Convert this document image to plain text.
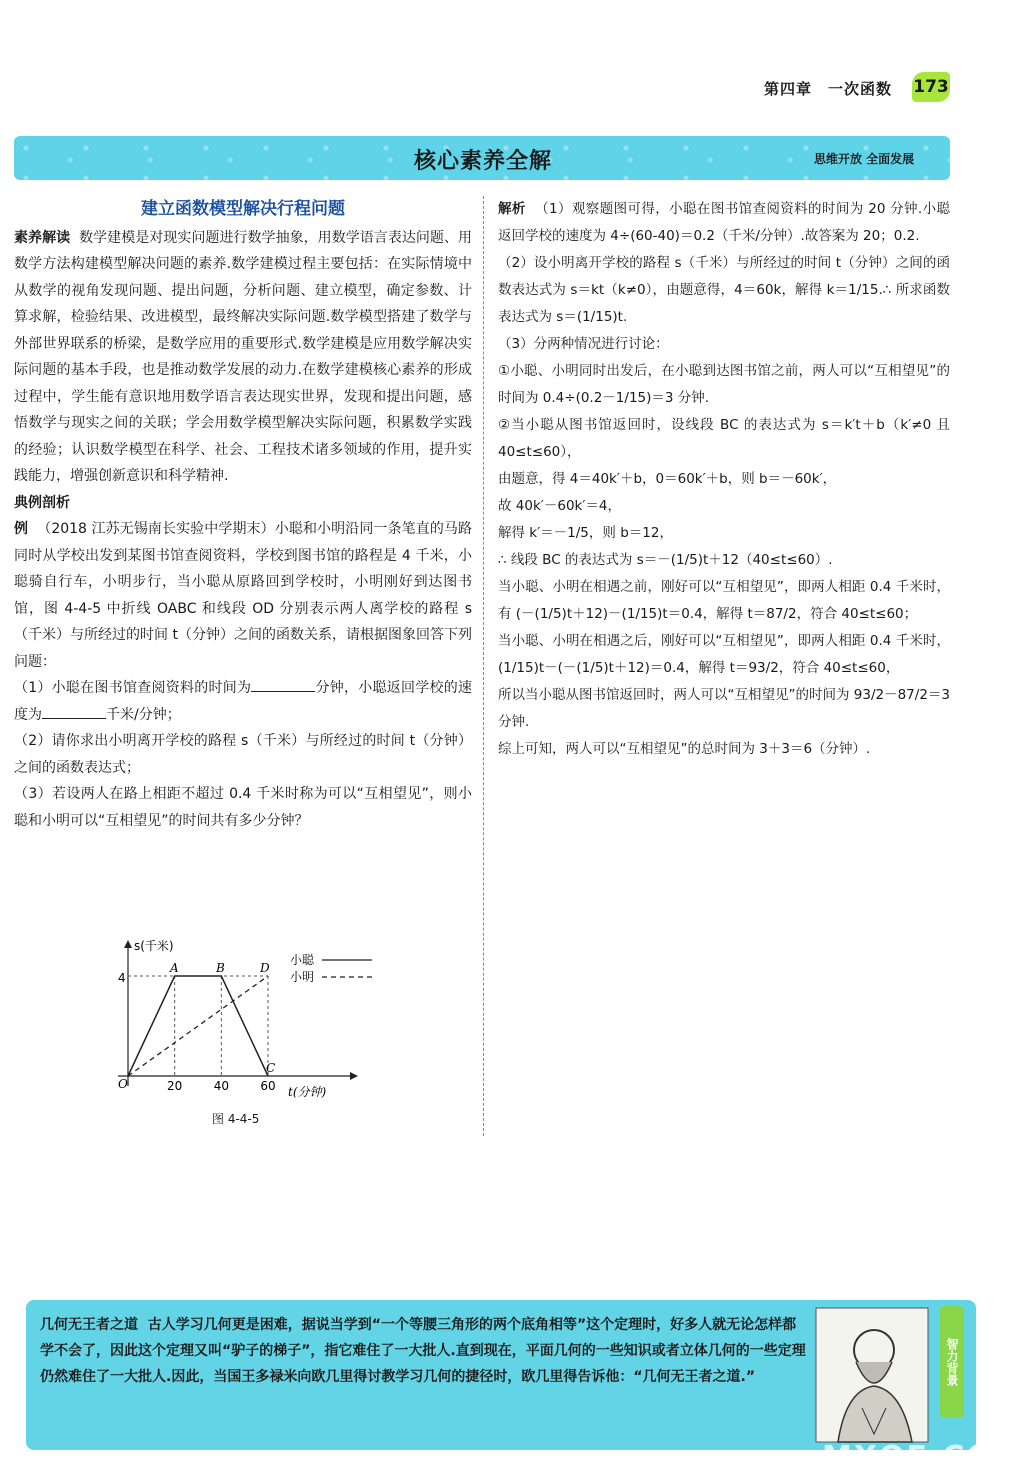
第四章　一次函数 173
核心素养全解	思维开放 全面发展
建立函数模型解决行程问题

素养解读 数学建模是对现实问题进行数学抽象，用数学语言表达问题、用数学方法构建模型解决问题的素养.数学建模过程主要包括：在实际情境中从数学的视角发现问题、提出问题，分析问题、建立模型，确定参数、计算求解，检验结果、改进模型，最终解决实际问题.数学模型搭建了数学与外部世界联系的桥梁，是数学应用的重要形式.数学建模是应用数学解决实际问题的基本手段，也是推动数学发展的动力.在数学建模核心素养的形成过程中，学生能有意识地用数学语言表达现实世界，发现和提出问题，感悟数学与现实之间的关联；学会用数学模型解决实际问题，积累数学实践的经验；认识数学模型在科学、社会、工程技术诸多领域的作用，提升实践能力，增强创新意识和科学精神.

典例剖析

例 （2018 江苏无锡南长实验中学期末）小聪和小明沿同一条笔直的马路同时从学校出发到某图书馆查阅资料，学校到图书馆的路程是 4 千米，小聪骑自行车，小明步行，当小聪从原路回到学校时，小明刚好到达图书馆，图 4-4-5 中折线 OABC 和线段 OD 分别表示两人离学校的路程 s（千米）与所经过的时间 t（分钟）之间的函数关系，请根据图象回答下列问题：

（1）小聪在图书馆查阅资料的时间为	分钟，小聪返回学校的速度为	千米/分钟；

（2）请你求出小明离开学校的路程 s（千米）与所经过的时间 t（分钟）之间的函数表达式；

（3）若设两人在路上相距不超过 0.4 千米时称为可以“互相望见”，则小聪和小明可以“互相望见”的时间共有多少分钟？

s(千米)
t(分钟)
O
4
20	40	60
A	B	D
C
小聪
小明
图 4-4-5

解析 （1）观察题图可得，小聪在图书馆查阅资料的时间为 20 分钟.小聪返回学校的速度为 4÷(60-40)＝0.2（千米/分钟）.故答案为 20；0.2.

（2）设小明离开学校的路程 s（千米）与所经过的时间 t（分钟）之间的函数表达式为 s＝kt（k≠0），由题意得，4＝60k，解得 k＝1/15.∴ 所求函数表达式为 s＝(1/15)t.

（3）分两种情况进行讨论：

①小聪、小明同时出发后，在小聪到达图书馆之前，两人可以“互相望见”的时间为 0.4÷(0.2－1/15)＝3 分钟.

②当小聪从图书馆返回时，设线段 BC 的表达式为 s＝k′t＋b（k′≠0 且 40≤t≤60），

由题意，得 4＝40k′＋b，0＝60k′＋b，则 b＝－60k′，

故 40k′－60k′＝4，

解得 k′＝－1/5，则 b＝12，

∴ 线段 BC 的表达式为 s＝－(1/5)t＋12（40≤t≤60）.

当小聪、小明在相遇之前，刚好可以“互相望见”，即两人相距 0.4 千米时，有 (－(1/5)t＋12)－(1/15)t＝0.4，解得 t＝87/2，符合 40≤t≤60；

当小聪、小明在相遇之后，刚好可以“互相望见”，即两人相距 0.4 千米时，(1/15)t－(－(1/5)t＋12)＝0.4，解得 t＝93/2，符合 40≤t≤60，

所以当小聪从图书馆返回时，两人可以“互相望见”的时间为 93/2－87/2＝3 分钟.

综上可知，两人可以“互相望见”的总时间为 3＋3＝6（分钟）.

几何无王者之道 古人学习几何更是困难，据说当学到“一个等腰三角形的两个底角相等”这个定理时，好多人就无论怎样都学不会了，因此这个定理又叫“驴子的梯子”，指它难住了一大批人.直到现在，平面几何的一些知识或者立体几何的一些定理仍然难住了一大批人.因此，当国王多禄米向欧几里得讨教学习几何的捷径时，欧几里得告诉他：“几何无王者之道.”	智力背景
MXQE.COM
